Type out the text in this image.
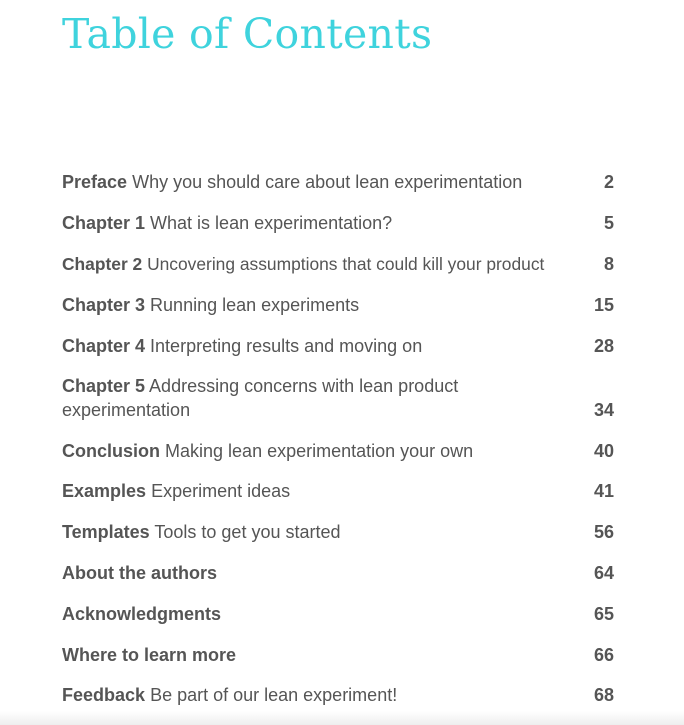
Table of Contents
Preface Why you should care about lean experimentation	2
Chapter 1 What is lean experimentation?	5
Chapter 2 Uncovering assumptions that could kill your product	8
Chapter 3 Running lean experiments	15
Chapter 4 Interpreting results and moving on	28
Chapter 5 Addressing concerns with lean product experimentation	34
Conclusion Making lean experimentation your own	40
Examples Experiment ideas	41
Templates Tools to get you started	56
About the authors	64
Acknowledgments	65
Where to learn more	66
Feedback Be part of our lean experiment!	68
